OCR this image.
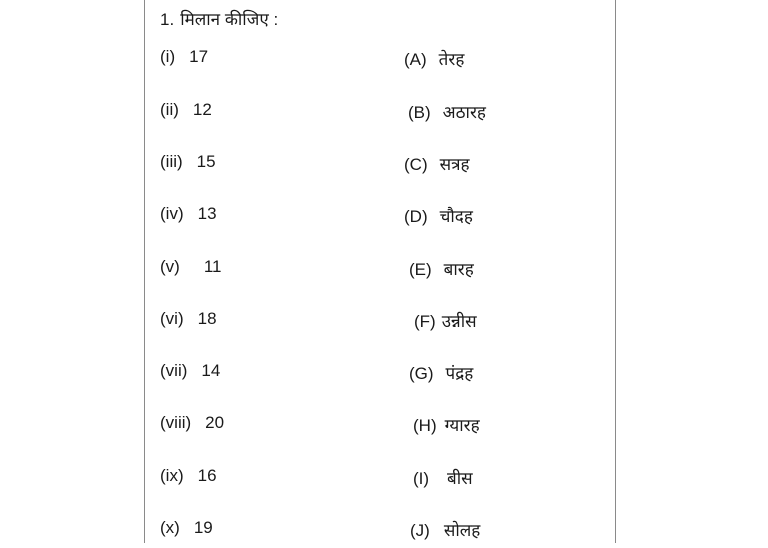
1. मिलान कीजिए :
(i) 17	(A) तेरह
(ii) 12	(B) अठारह
(iii) 15	(C) सत्रह
(iv) 13	(D) चौदह
(v) 11	(E) बारह
(vi) 18	(F) उन्नीस
(vii) 14	(G) पंद्रह
(viii) 20	(H) ग्यारह
(ix) 16	(I) बीस
(x) 19	(J) सोलह
